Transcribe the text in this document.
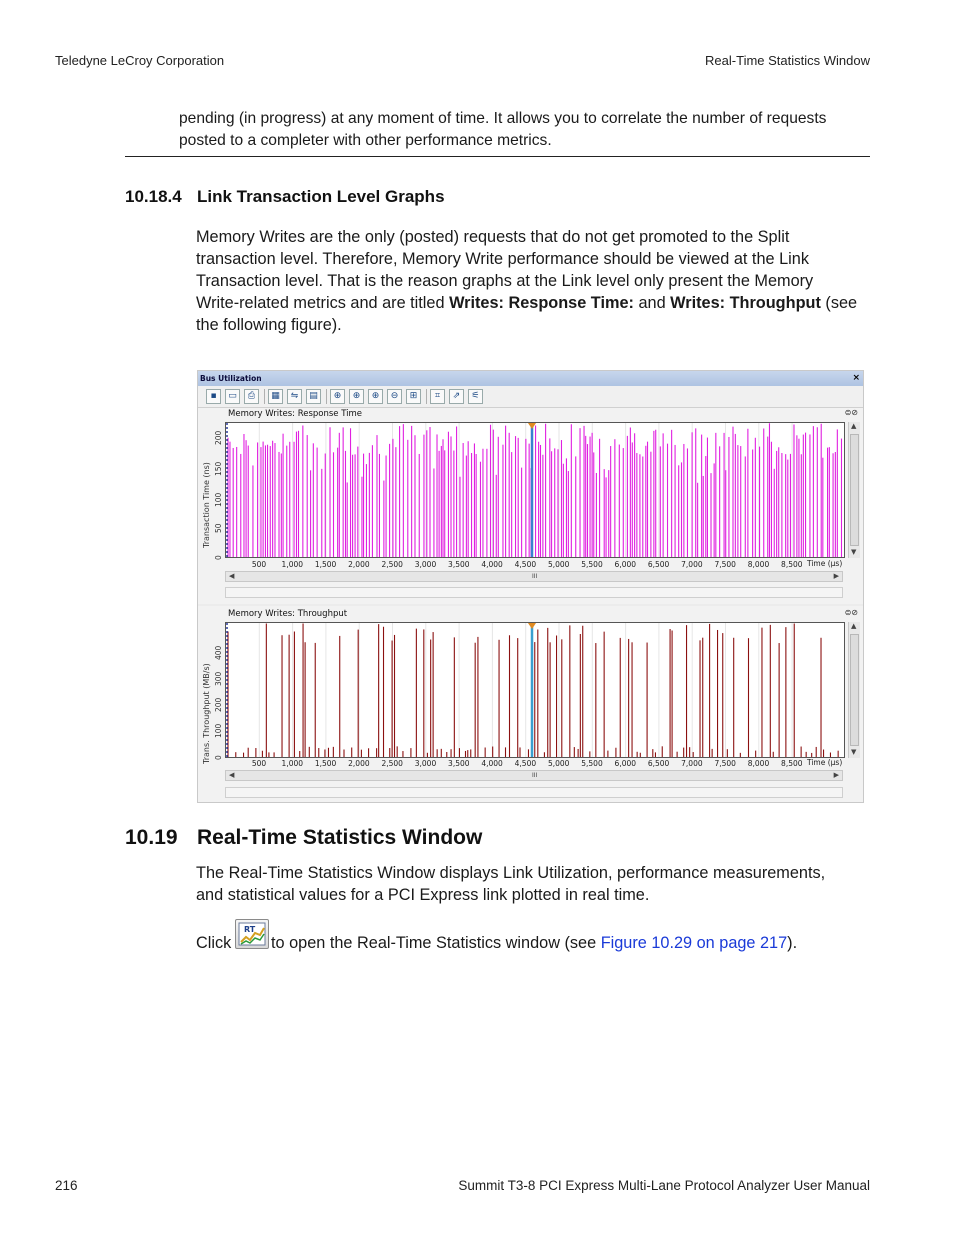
Teledyne LeCroy Corporation	Real-Time Statistics Window
pending (in progress) at any moment of time. It allows you to correlate the number of requests
posted to a completer with other performance metrics.
10.18.4 Link Transaction Level Graphs
Memory Writes are the only (posted) requests that do not get promoted to the Split
transaction level. Therefore, Memory Write performance should be viewed at the Link
Transaction level. That is the reason graphs at the Link level only present the Memory
Write-related metrics and are titled Writes: Response Time: and Writes: Throughput (see
the following figure).
Bus Utilization	×
▪	▭	⎙	▦	⇋	▤	⊕	⊕	⊕	⊖	⊞	⌗	⇗	⚟
Memory Writes: Response Time	⊜⊘
Transaction Time (ns)
0
50
100
150
200
▲
▼
500 1,000 1,500 2,000 2,500 3,000 3,500 4,000 4,500 5,000 5,500 6,000 6,500 7,000 7,500 8,000 8,500 Time (µs)
◀	III	▶
Memory Writes: Throughput	⊜⊘
Trans. Throughput (MB/s) 0
100
200
300
400
▲
▼
500 1,000 1,500 2,000 2,500 3,000 3,500 4,000 4,500 5,000 5,500 6,000 6,500 7,000 7,500 8,000 8,500 Time (µs)
◀	III	▶
10.19 Real-Time Statistics Window
The Real-Time Statistics Window displays Link Utilization, performance measurements,
and statistical values for a PCI Express link plotted in real time.
Click
RT
to open the Real-Time Statistics window (see Figure 10.29 on page 217).
216	Summit T3-8 PCI Express Multi-Lane Protocol Analyzer User Manual
